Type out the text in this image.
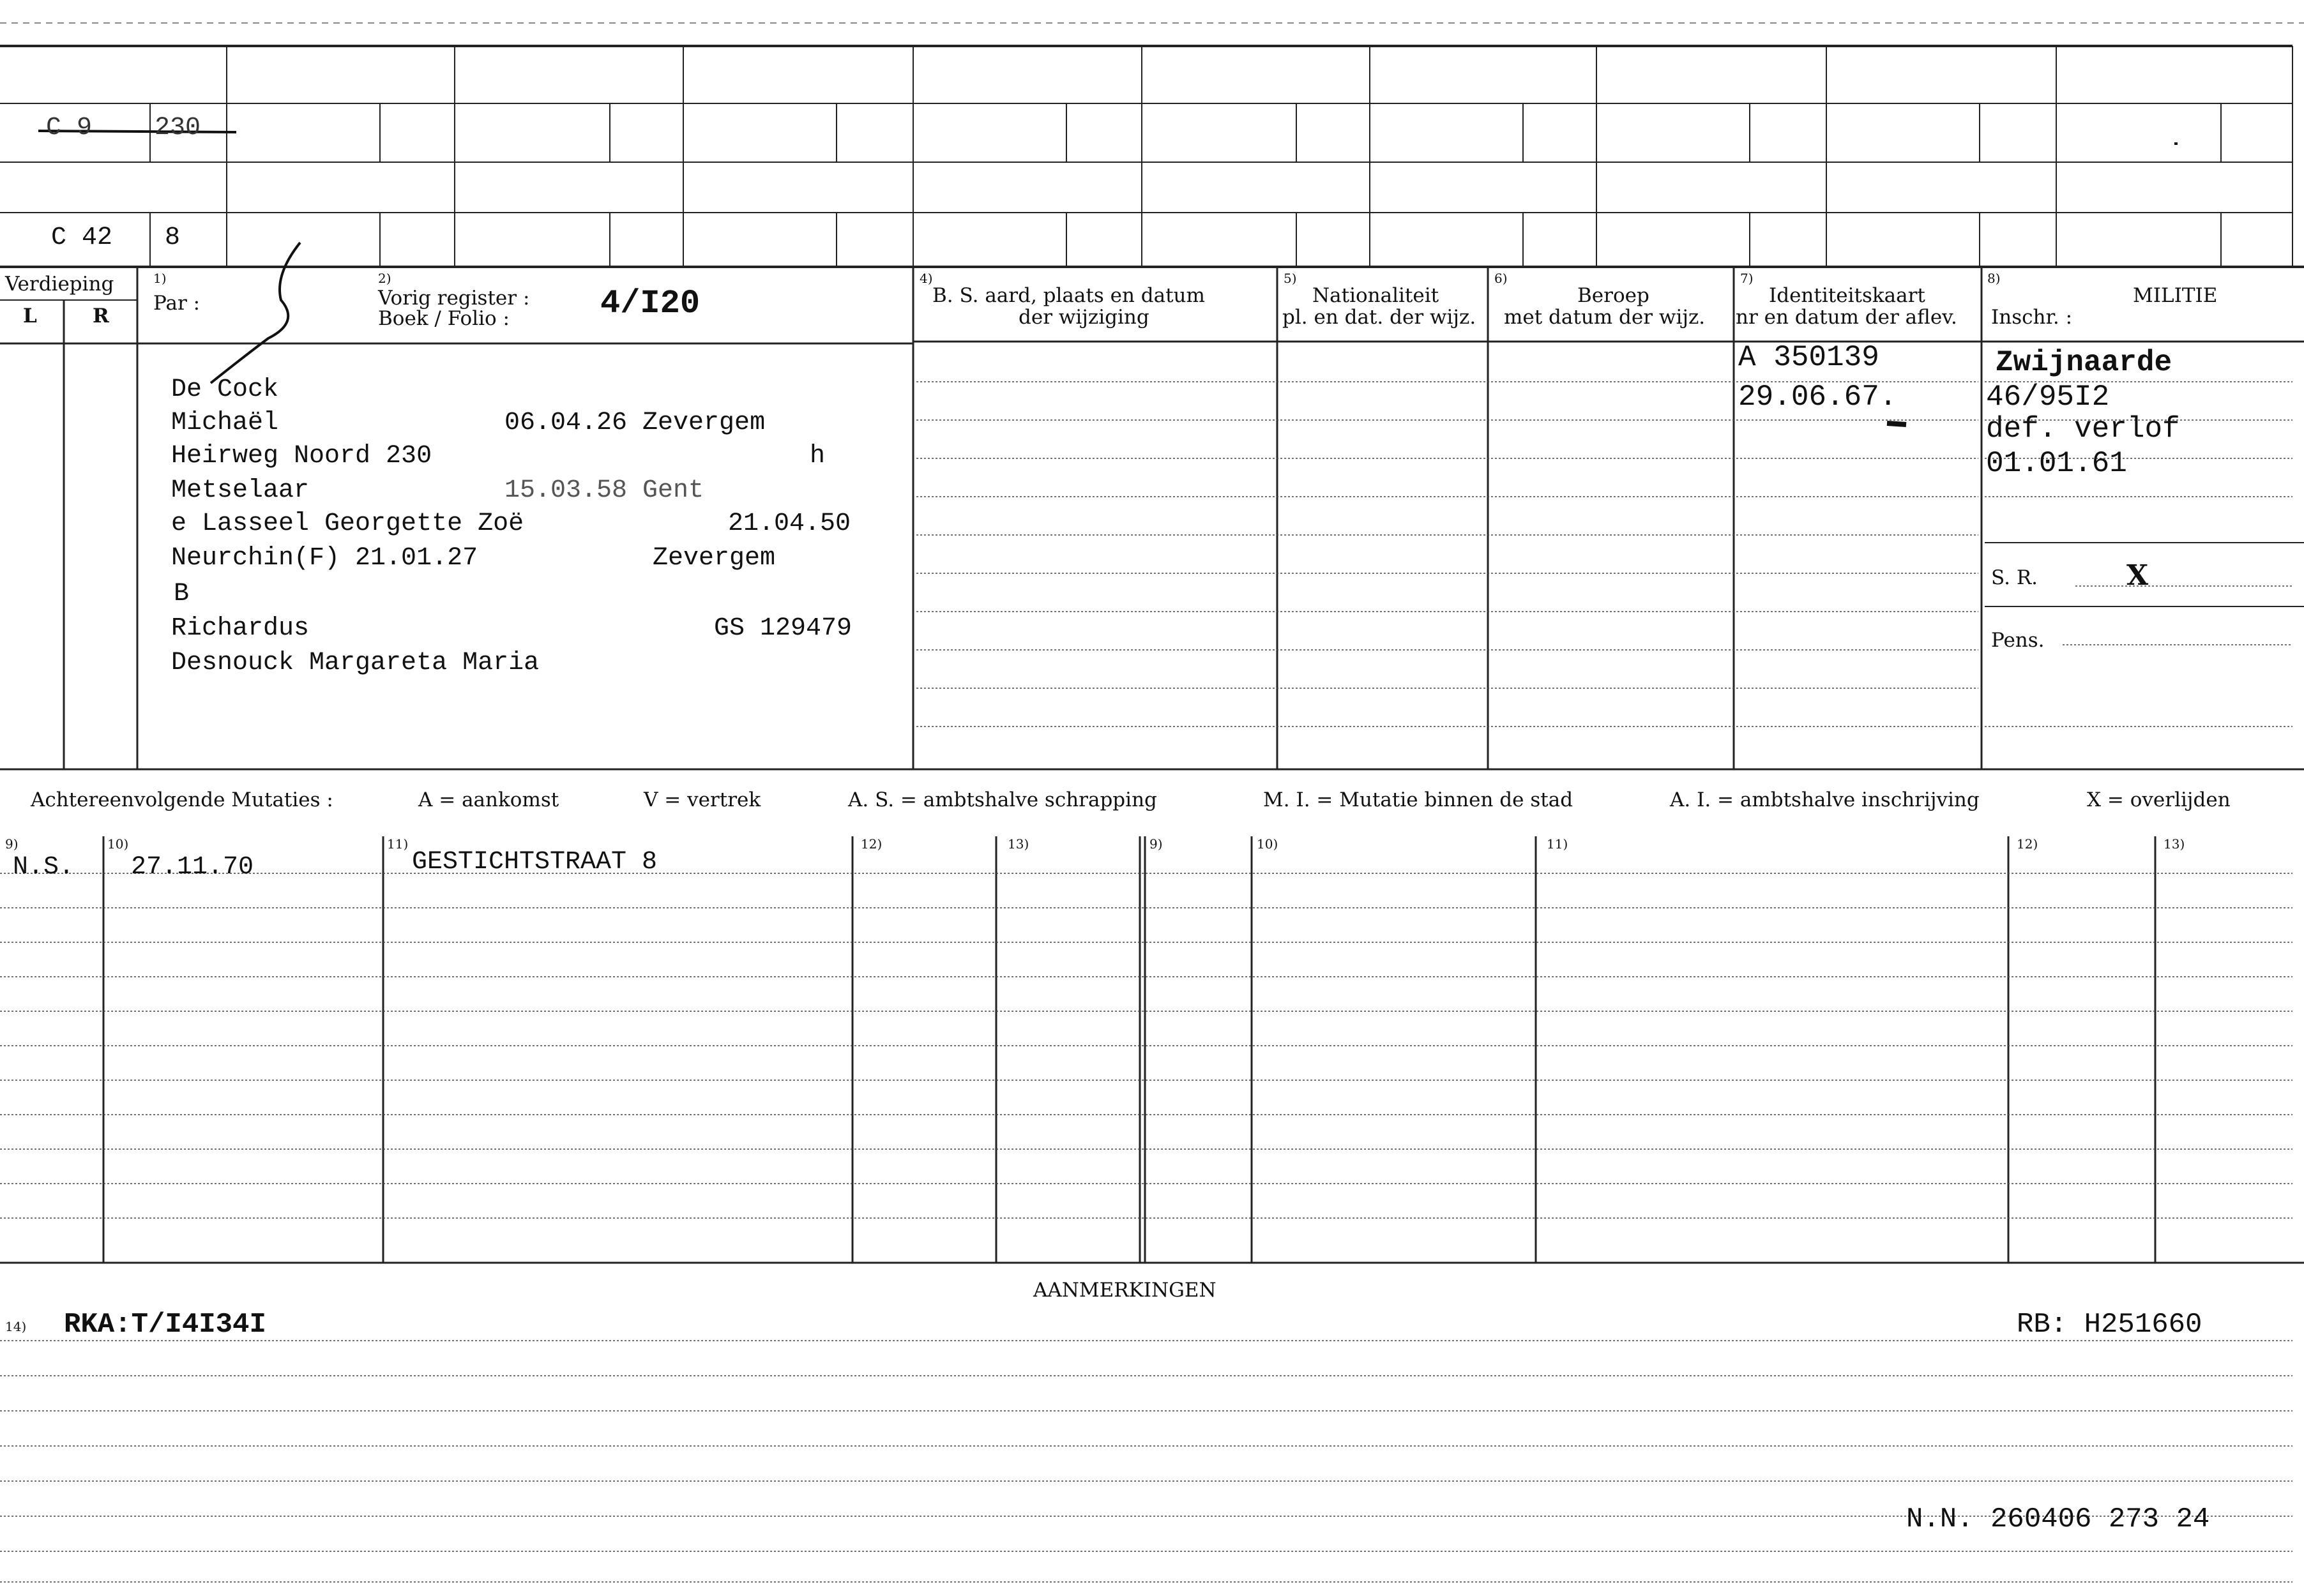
C 9 230
C 42 8
Verdieping
L	R
1)
Par :
2)
Vorig register :
Boek / Folio :	4/I20
4)
B. S. aard, plaats en datum
der wijziging
5)
Nationaliteit
pl. en dat. der wijz.
6)
Beroep
met datum der wijz.
7)
Identiteitskaart
nr en datum der aflev.
8)
MILITIE
Inschr. :
De Cock
Michaël	06.04.26 Zevergem
Heirweg Noord 230	h
Metselaar	15.03.58 Gent
e Lasseel Georgette Zoë	21.04.50
Neurchin(F) 21.01.27	Zevergem
B
Richardus	GS 129479
Desnouck Margareta Maria
A 350139
29.06.67.
Zwijnaarde
46/95I2
def. verlof
01.01.61
S. R.	X
Pens.
Achtereenvolgende Mutaties :	A = aankomst	V = vertrek	A. S. = ambtshalve schrapping	M. I. = Mutatie binnen de stad	A. I. = ambtshalve inschrijving	X = overlijden
9)	10)	11)	12)	13)	9)	10)	11)	12)	13)
N.S. 27.11.70	GESTICHTSTRAAT 8
AANMERKINGEN
14) RKA:T/I4I34I	RB: H251660
N.N. 260406 273 24
